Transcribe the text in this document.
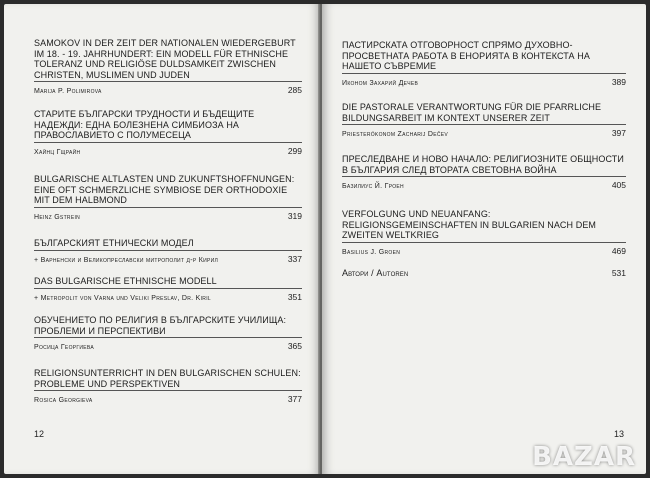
SAMOKOV IN DER ZEIT DER NATIONALEN WIEDERGEBURT IM 18. - 19. JAHRHUNDERT: EIN MODELL FÜR ETHNISCHE TOLERANZ UND RELIGIÖSE DULDSAMKEIT ZWISCHEN CHRISTEN, MUSLIMEN UND JUDEN
Marija P. Polimirova	285
СТАРИТЕ БЪЛГАРСКИ ТРУДНОСТИ И БЪДЕЩИТЕ НАДЕЖДИ: ЕДНА БОЛЕЗНЕНА СИМБИОЗА НА ПРАВОСЛАВИЕТО С ПОЛУМЕСЕЦА
Хайнц Гщрайн	299
BULGARISCHE ALTLASTEN UND ZUKUNFTSHOFFNUNGEN: EINE OFT SCHMERZLICHE SYMBIOSE DER ORTHODOXIE MIT DEM HALBMOND
Heinz Gstrein	319
БЪЛГАРСКИЯТ ЕТНИЧЕСКИ МОДЕЛ
+ Варненски и Великопреславски митрополит д-р Кирил	337
DAS BULGARISCHE ETHNISCHE MODELL
+ Metropolit von Varna und Veliki Preslav, Dr. Kiril	351
ОБУЧЕНИЕТО ПО РЕЛИГИЯ В БЪЛГАРСКИТЕ УЧИЛИЩА: ПРОБЛЕМИ И ПЕРСПЕКТИВИ
Росица Георгиева	365
RELIGIONSUNTERRICHT IN DEN BULGARISCHEN SCHULEN: PROBLEME UND PERSPEKTIVEN
Rosica Georgieva	377
12
ПАСТИРСКАТА ОТГОВОРНОСТ СПРЯМО ДУХОВНО-ПРОСВЕТНАТА РАБОТА В ЕНОРИЯТА В КОНТЕКСТА НА НАШЕТО СЪВРЕМИЕ
Иконом Захарий Дечев	389
DIE PASTORALE VERANTWORTUNG FÜR DIE PFARRLICHE BILDUNGSARBEIT IM KONTEXT UNSERER ZEIT
Priesterökonom Zacharij Dečev	397
ПРЕСЛЕДВАНЕ И НОВО НАЧАЛО: РЕЛИГИОЗНИТЕ ОБЩНОСТИ В БЪЛГАРИЯ СЛЕД ВТОРАТА СВЕТОВНА ВОЙНА
Базилиус Й. Гроен	405
VERFOLGUNG UND NEUANFANG: RELIGIONSGEMEINSCHAFTEN IN BULGARIEN NACH DEM ZWEITEN WELTKRIEG
Basilius J. Groen	469
Автори / Autoren	531
13
BAZAR
